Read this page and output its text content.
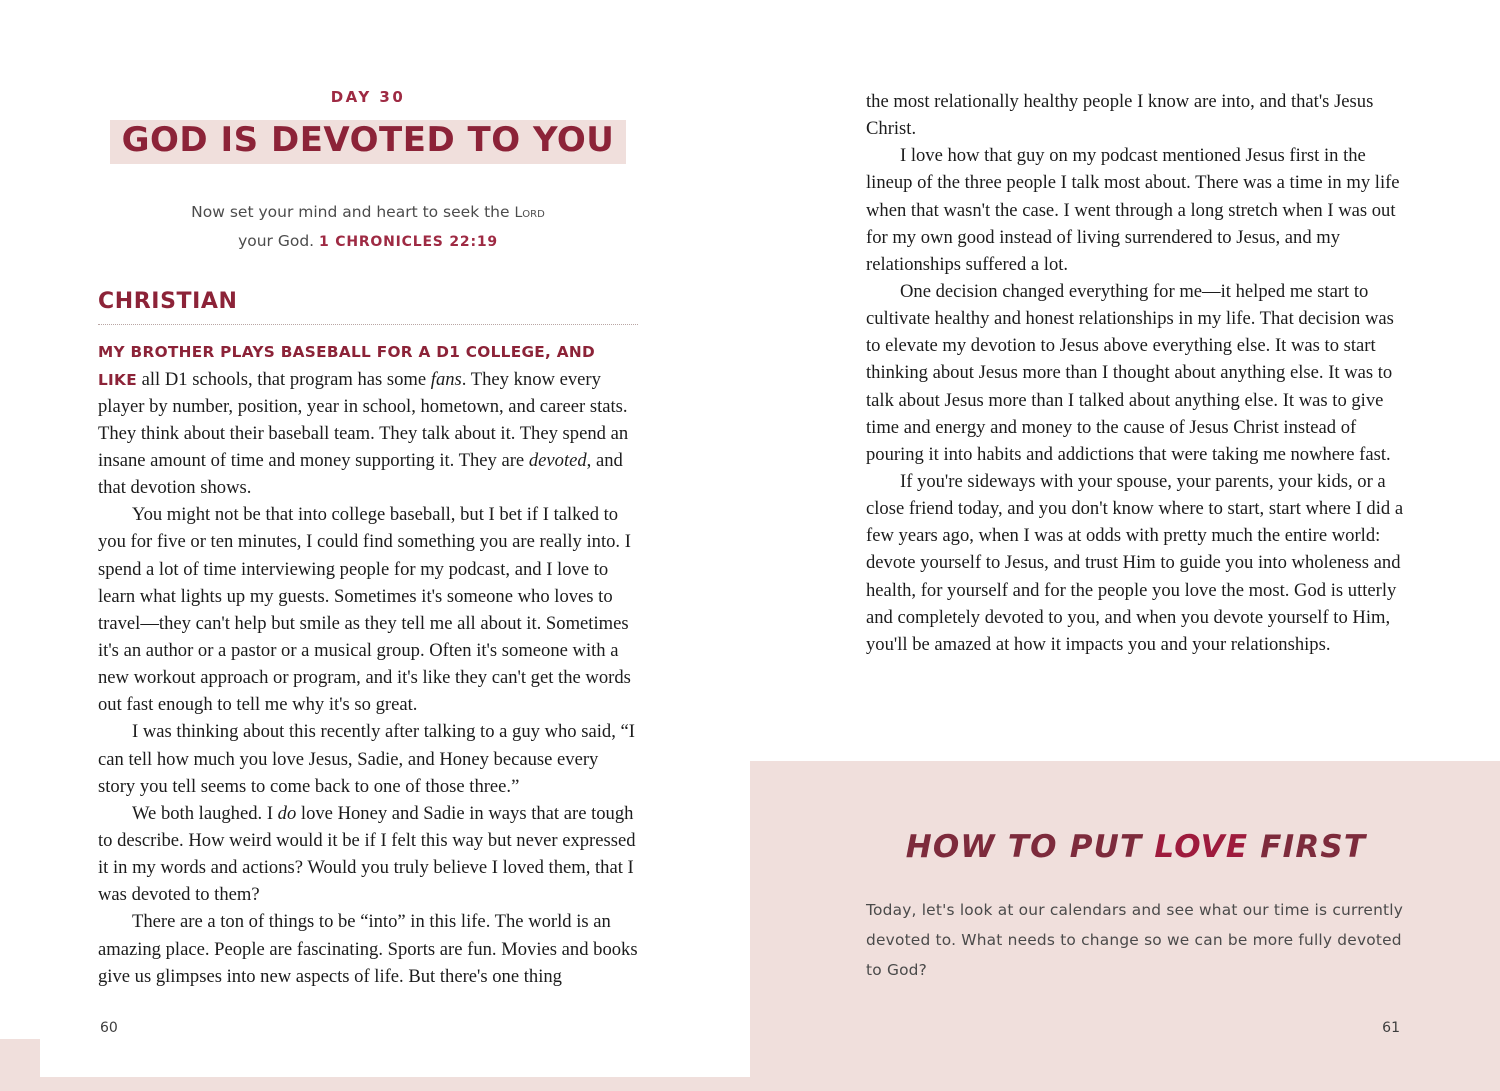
DAY 30
GOD IS DEVOTED TO YOU
Now set your mind and heart to seek the Lord
your God. 1 CHRONICLES 22:19
CHRISTIAN

MY BROTHER PLAYS BASEBALL FOR A D1 COLLEGE, AND LIKE all D1 schools, that program has some fans. They know every player by number, position, year in school, hometown, and career stats. They think about their baseball team. They talk about it. They spend an insane amount of time and money supporting it. They are devoted, and that devotion shows.

You might not be that into college baseball, but I bet if I talked to you for five or ten minutes, I could find something you are really into. I spend a lot of time interviewing people for my podcast, and I love to learn what lights up my guests. Sometimes it's someone who loves to travel—they can't help but smile as they tell me all about it. Sometimes it's an author or a pastor or a musical group. Often it's someone with a new workout approach or program, and it's like they can't get the words out fast enough to tell me why it's so great.

I was thinking about this recently after talking to a guy who said, “I can tell how much you love Jesus, Sadie, and Honey because every story you tell seems to come back to one of those three.”

We both laughed. I do love Honey and Sadie in ways that are tough to describe. How weird would it be if I felt this way but never expressed it in my words and actions? Would you truly believe I loved them, that I was devoted to them?

There are a ton of things to be “into” in this life. The world is an amazing place. People are fascinating. Sports are fun. Movies and books give us glimpses into new aspects of life. But there's one thing

60

the most relationally healthy people I know are into, and that's Jesus Christ.

I love how that guy on my podcast mentioned Jesus first in the lineup of the three people I talk most about. There was a time in my life when that wasn't the case. I went through a long stretch when I was out for my own good instead of living surrendered to Jesus, and my relationships suffered a lot.

One decision changed everything for me—it helped me start to cultivate healthy and honest relationships in my life. That decision was to elevate my devotion to Jesus above everything else. It was to start thinking about Jesus more than I thought about anything else. It was to talk about Jesus more than I talked about anything else. It was to give time and energy and money to the cause of Jesus Christ instead of pouring it into habits and addictions that were taking me nowhere fast.

If you're sideways with your spouse, your parents, your kids, or a close friend today, and you don't know where to start, start where I did a few years ago, when I was at odds with pretty much the entire world: devote yourself to Jesus, and trust Him to guide you into wholeness and health, for yourself and for the people you love the most. God is utterly and completely devoted to you, and when you devote yourself to Him, you'll be amazed at how it impacts you and your relationships.

HOW TO PUT LOVE FIRST
Today, let's look at our calendars and see what our time is currently devoted to. What needs to change so we can be more fully devoted to God?
61
